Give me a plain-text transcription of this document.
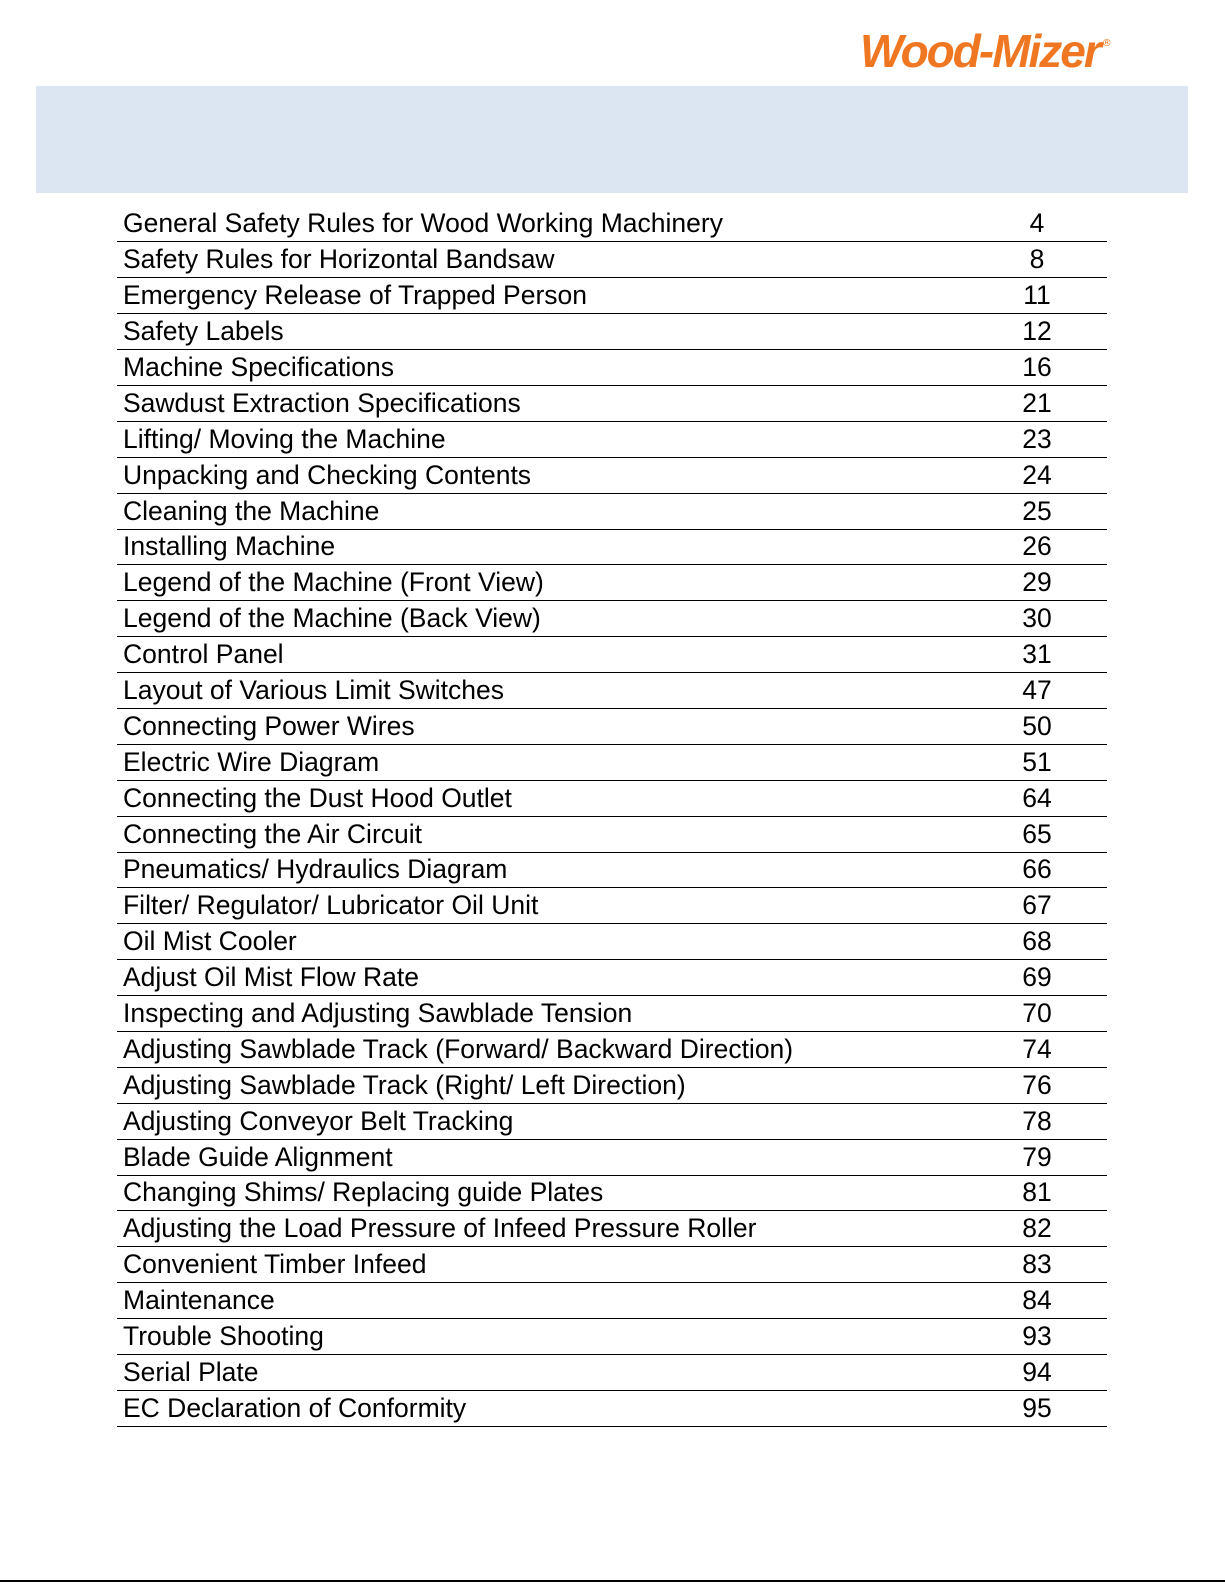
Wood-Mizer ®
General Safety Rules for Wood Working Machinery	4
Safety Rules for Horizontal Bandsaw	8
Emergency Release of Trapped Person	11
Safety Labels	12
Machine Specifications	16
Sawdust Extraction Specifications	21
Lifting/ Moving the Machine	23
Unpacking and Checking Contents	24
Cleaning the Machine	25
Installing Machine	26
Legend of the Machine (Front View)	29
Legend of the Machine (Back View)	30
Control Panel	31
Layout of Various Limit Switches	47
Connecting Power Wires	50
Electric Wire Diagram	51
Connecting the Dust Hood Outlet	64
Connecting the Air Circuit	65
Pneumatics/ Hydraulics Diagram	66
Filter/ Regulator/ Lubricator Oil Unit	67
Oil Mist Cooler	68
Adjust Oil Mist Flow Rate	69
Inspecting and Adjusting Sawblade Tension	70
Adjusting Sawblade Track (Forward/ Backward Direction)	74
Adjusting Sawblade Track (Right/ Left Direction)	76
Adjusting Conveyor Belt Tracking	78
Blade Guide Alignment	79
Changing Shims/ Replacing guide Plates	81
Adjusting the Load Pressure of Infeed Pressure Roller	82
Convenient Timber Infeed	83
Maintenance	84
Trouble Shooting	93
Serial Plate	94
EC Declaration of Conformity	95
